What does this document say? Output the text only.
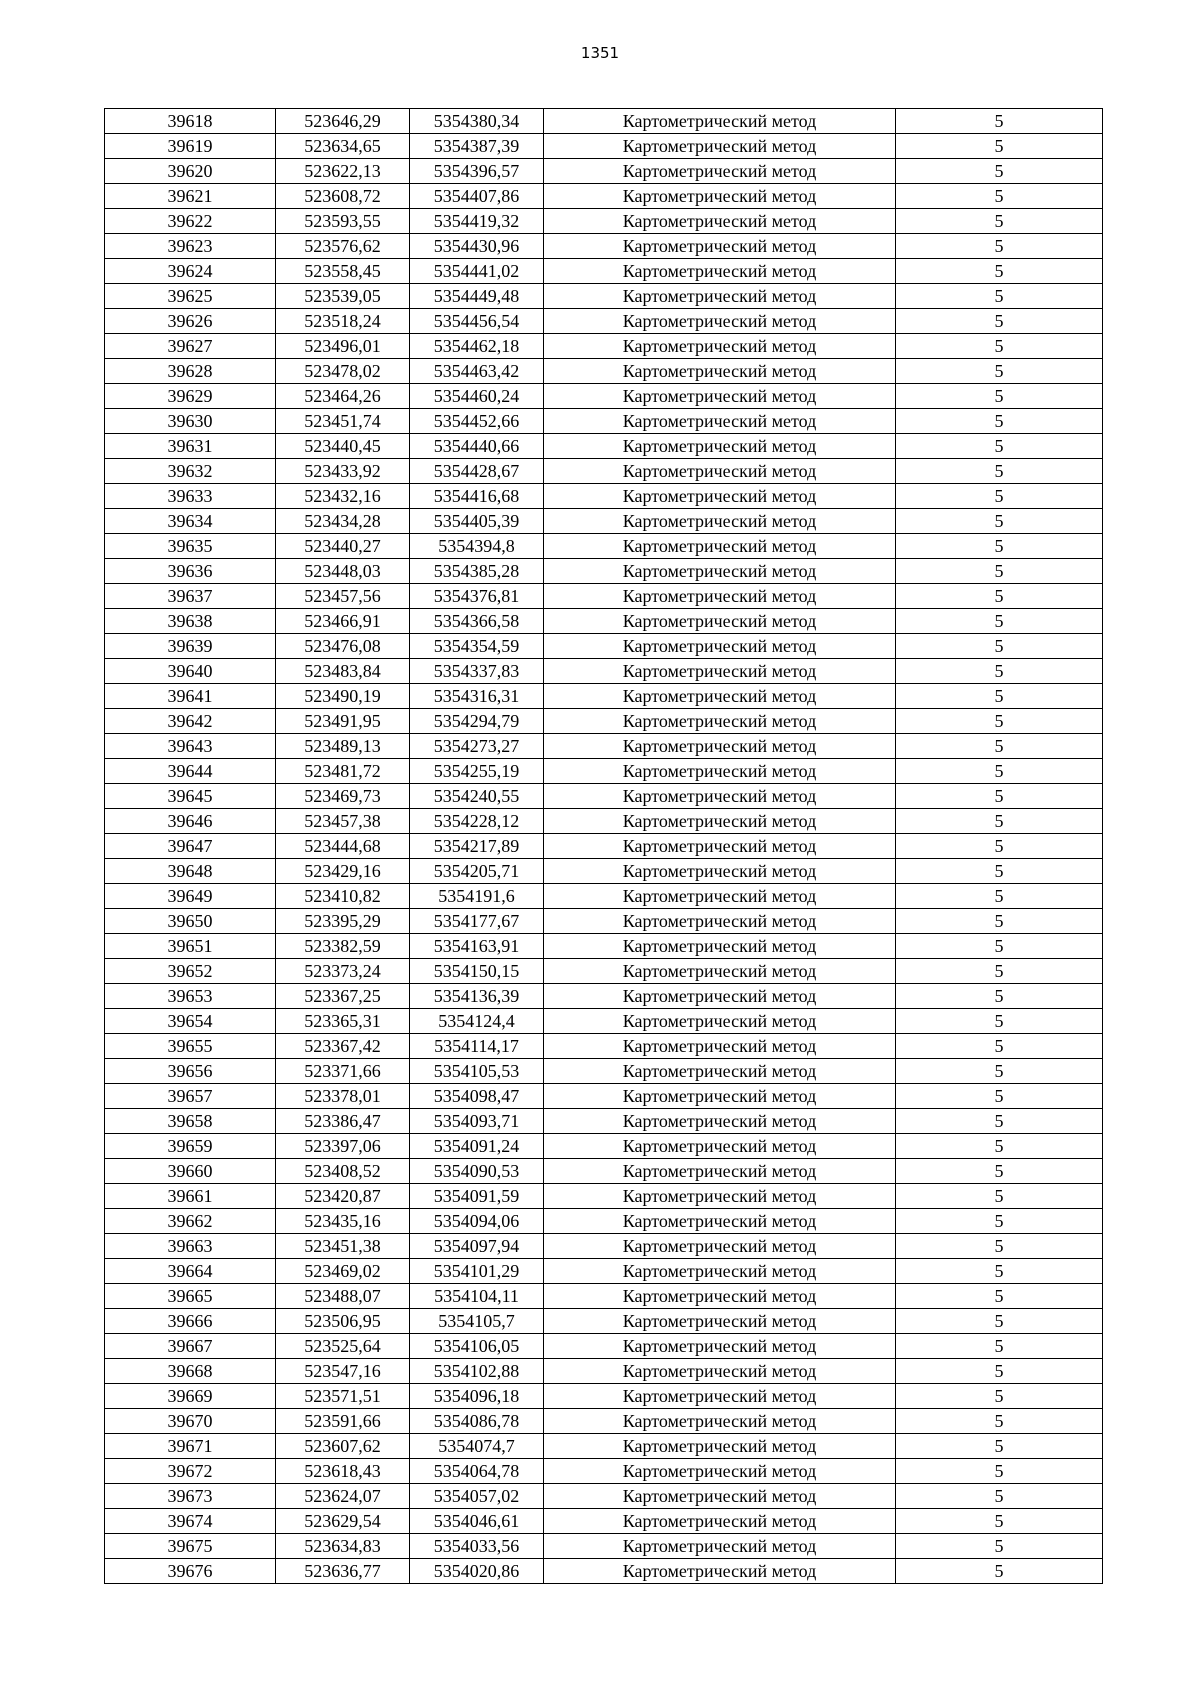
1351
39618	523646,29	5354380,34	Картометрический метод	5
39619	523634,65	5354387,39	Картометрический метод	5
39620	523622,13	5354396,57	Картометрический метод	5
39621	523608,72	5354407,86	Картометрический метод	5
39622	523593,55	5354419,32	Картометрический метод	5
39623	523576,62	5354430,96	Картометрический метод	5
39624	523558,45	5354441,02	Картометрический метод	5
39625	523539,05	5354449,48	Картометрический метод	5
39626	523518,24	5354456,54	Картометрический метод	5
39627	523496,01	5354462,18	Картометрический метод	5
39628	523478,02	5354463,42	Картометрический метод	5
39629	523464,26	5354460,24	Картометрический метод	5
39630	523451,74	5354452,66	Картометрический метод	5
39631	523440,45	5354440,66	Картометрический метод	5
39632	523433,92	5354428,67	Картометрический метод	5
39633	523432,16	5354416,68	Картометрический метод	5
39634	523434,28	5354405,39	Картометрический метод	5
39635	523440,27	5354394,8	Картометрический метод	5
39636	523448,03	5354385,28	Картометрический метод	5
39637	523457,56	5354376,81	Картометрический метод	5
39638	523466,91	5354366,58	Картометрический метод	5
39639	523476,08	5354354,59	Картометрический метод	5
39640	523483,84	5354337,83	Картометрический метод	5
39641	523490,19	5354316,31	Картометрический метод	5
39642	523491,95	5354294,79	Картометрический метод	5
39643	523489,13	5354273,27	Картометрический метод	5
39644	523481,72	5354255,19	Картометрический метод	5
39645	523469,73	5354240,55	Картометрический метод	5
39646	523457,38	5354228,12	Картометрический метод	5
39647	523444,68	5354217,89	Картометрический метод	5
39648	523429,16	5354205,71	Картометрический метод	5
39649	523410,82	5354191,6	Картометрический метод	5
39650	523395,29	5354177,67	Картометрический метод	5
39651	523382,59	5354163,91	Картометрический метод	5
39652	523373,24	5354150,15	Картометрический метод	5
39653	523367,25	5354136,39	Картометрический метод	5
39654	523365,31	5354124,4	Картометрический метод	5
39655	523367,42	5354114,17	Картометрический метод	5
39656	523371,66	5354105,53	Картометрический метод	5
39657	523378,01	5354098,47	Картометрический метод	5
39658	523386,47	5354093,71	Картометрический метод	5
39659	523397,06	5354091,24	Картометрический метод	5
39660	523408,52	5354090,53	Картометрический метод	5
39661	523420,87	5354091,59	Картометрический метод	5
39662	523435,16	5354094,06	Картометрический метод	5
39663	523451,38	5354097,94	Картометрический метод	5
39664	523469,02	5354101,29	Картометрический метод	5
39665	523488,07	5354104,11	Картометрический метод	5
39666	523506,95	5354105,7	Картометрический метод	5
39667	523525,64	5354106,05	Картометрический метод	5
39668	523547,16	5354102,88	Картометрический метод	5
39669	523571,51	5354096,18	Картометрический метод	5
39670	523591,66	5354086,78	Картометрический метод	5
39671	523607,62	5354074,7	Картометрический метод	5
39672	523618,43	5354064,78	Картометрический метод	5
39673	523624,07	5354057,02	Картометрический метод	5
39674	523629,54	5354046,61	Картометрический метод	5
39675	523634,83	5354033,56	Картометрический метод	5
39676	523636,77	5354020,86	Картометрический метод	5
